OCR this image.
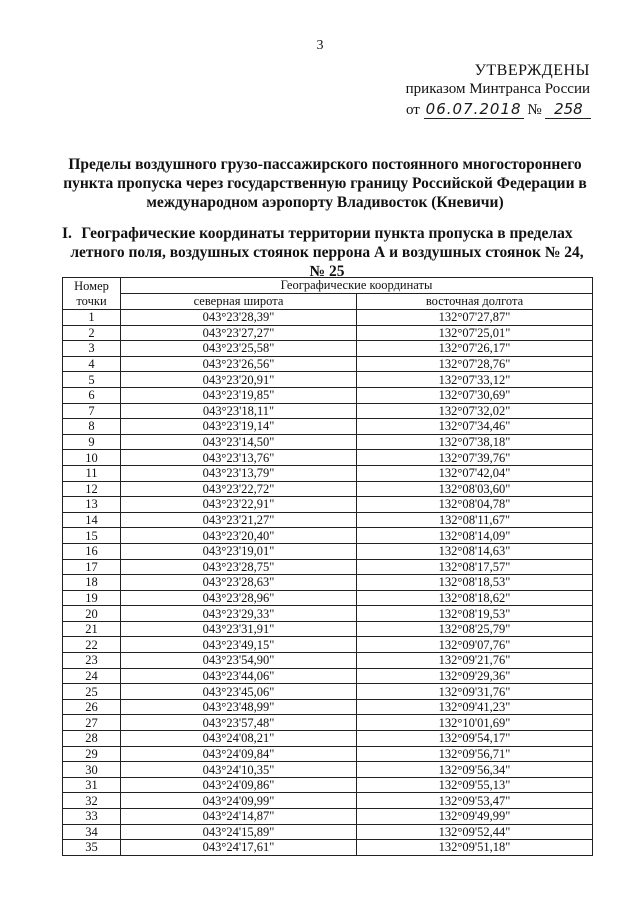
3
УТВЕРЖДЕНЫ
приказом Минтранса России
от 06.07.2018 № 258
Пределы воздушного грузо-пассажирского постоянного многостороннего пункта пропуска через государственную границу Российской Федерации в международном аэропорту Владивосток (Кневичи)
I. Географические координаты территории пункта пропуска в пределах летного поля, воздушных стоянок перрона А и воздушных стоянок № 24, № 25
Номер точки	Географические координаты	
	северная широта	восточная долгота
1	043°23'28,39"	132°07'27,87"
2	043°23'27,27"	132°07'25,01"
3	043°23'25,58"	132°07'26,17"
4	043°23'26,56"	132°07'28,76"
5	043°23'20,91"	132°07'33,12"
6	043°23'19,85"	132°07'30,69"
7	043°23'18,11"	132°07'32,02"
8	043°23'19,14"	132°07'34,46"
9	043°23'14,50"	132°07'38,18"
10	043°23'13,76"	132°07'39,76"
11	043°23'13,79"	132°07'42,04"
12	043°23'22,72"	132°08'03,60"
13	043°23'22,91"	132°08'04,78"
14	043°23'21,27"	132°08'11,67"
15	043°23'20,40"	132°08'14,09"
16	043°23'19,01"	132°08'14,63"
17	043°23'28,75"	132°08'17,57"
18	043°23'28,63"	132°08'18,53"
19	043°23'28,96"	132°08'18,62"
20	043°23'29,33"	132°08'19,53"
21	043°23'31,91"	132°08'25,79"
22	043°23'49,15"	132°09'07,76"
23	043°23'54,90"	132°09'21,76"
24	043°23'44,06"	132°09'29,36"
25	043°23'45,06"	132°09'31,76"
26	043°23'48,99"	132°09'41,23"
27	043°23'57,48"	132°10'01,69"
28	043°24'08,21"	132°09'54,17"
29	043°24'09,84"	132°09'56,71"
30	043°24'10,35"	132°09'56,34"
31	043°24'09,86"	132°09'55,13"
32	043°24'09,99"	132°09'53,47"
33	043°24'14,87"	132°09'49,99"
34	043°24'15,89"	132°09'52,44"
35	043°24'17,61"	132°09'51,18"
